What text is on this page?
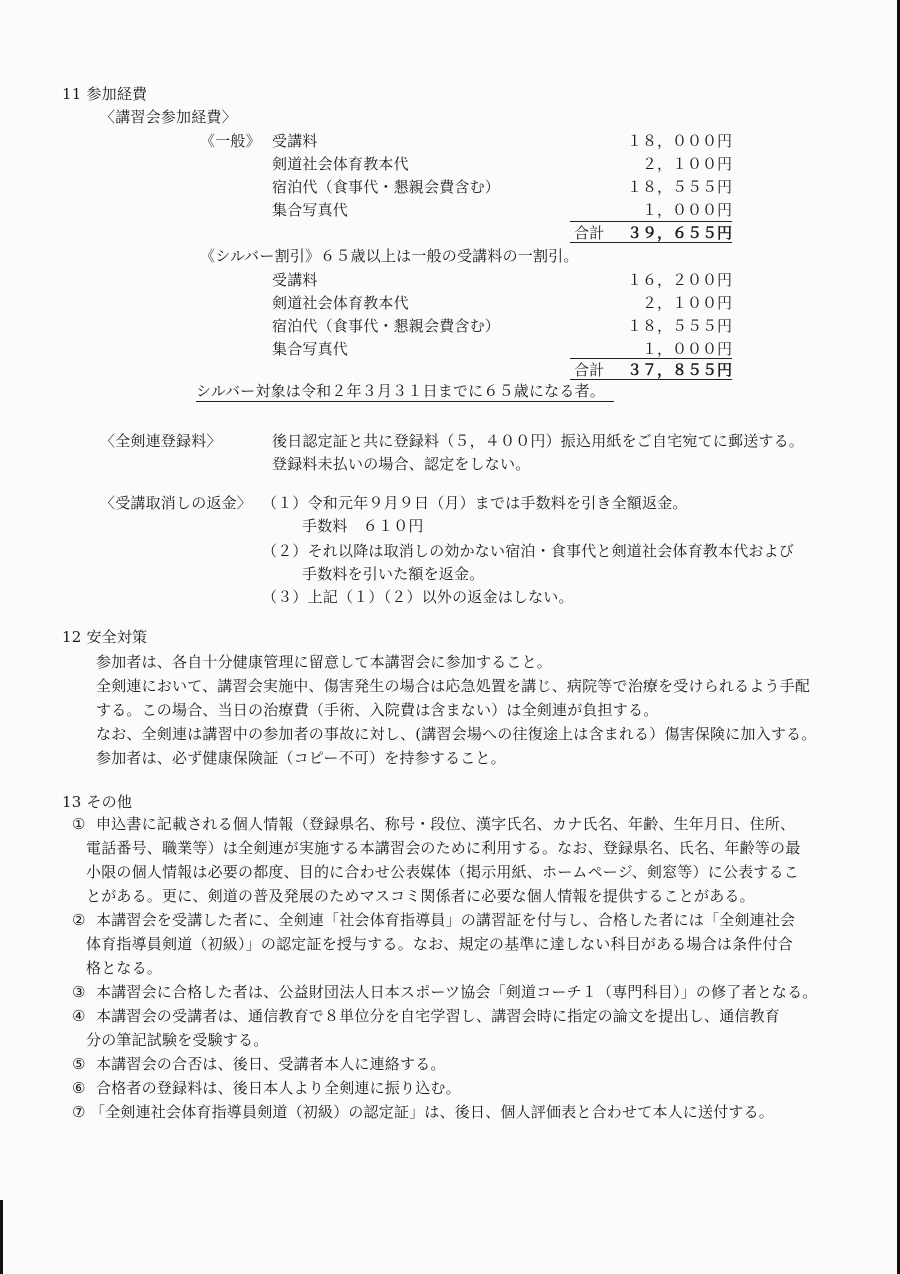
11 参加経費
〈講習会参加経費〉
《一般》 受講料	１８，０００円
剣道社会体育教本代	２，１００円
宿泊代（食事代・懇親会費含む）	１８，５５５円
集合写真代	１，０００円
合計	３９，６５５円
《シルバー割引》６５歳以上は一般の受講料の一割引。
受講料	１６，２００円
剣道社会体育教本代	２，１００円
宿泊代（食事代・懇親会費含む）	１８，５５５円
集合写真代	１，０００円
合計	３７，８５５円
シルバー対象は令和２年３月３１日までに６５歳になる者。
〈全剣連登録料〉	後日認定証と共に登録料（５，４００円）振込用紙をご自宅宛てに郵送する。
登録料未払いの場合、認定をしない。
〈受講取消しの返金〉 （１）令和元年９月９日（月）までは手数料を引き全額返金。
手数料　６１０円
（２）それ以降は取消しの効かない宿泊・食事代と剣道社会体育教本代および
手数料を引いた額を返金。
（３）上記（１）（２）以外の返金はしない。
12 安全対策
参加者は、各自十分健康管理に留意して本講習会に参加すること。
全剣連において、講習会実施中、傷害発生の場合は応急処置を講じ、病院等で治療を受けられるよう手配
する。この場合、当日の治療費（手術、入院費は含まない）は全剣連が負担する。
なお、全剣連は講習中の参加者の事故に対し、(講習会場への往復途上は含まれる）傷害保険に加入する。
参加者は、必ず健康保険証（コピー不可）を持参すること。
13 その他
① 申込書に記載される個人情報（登録県名、称号・段位、漢字氏名、カナ氏名、年齢、生年月日、住所、
電話番号、職業等）は全剣連が実施する本講習会のために利用する。なお、登録県名、氏名、年齢等の最
小限の個人情報は必要の都度、目的に合わせ公表媒体（掲示用紙、ホームページ、剣窓等）に公表するこ
とがある。更に、剣道の普及発展のためマスコミ関係者に必要な個人情報を提供することがある。
② 本講習会を受講した者に、全剣連「社会体育指導員」の講習証を付与し、合格した者には「全剣連社会
体育指導員剣道（初級）」の認定証を授与する。なお、規定の基準に達しない科目がある場合は条件付合
格となる。
③ 本講習会に合格した者は、公益財団法人日本スポーツ協会「剣道コーチ１（専門科目）」の修了者となる。
④ 本講習会の受講者は、通信教育で８単位分を自宅学習し、講習会時に指定の論文を提出し、通信教育
分の筆記試験を受験する。
⑤ 本講習会の合否は、後日、受講者本人に連絡する。
⑥ 合格者の登録料は、後日本人より全剣連に振り込む。
⑦ 「全剣連社会体育指導員剣道（初級）の認定証」は、後日、個人評価表と合わせて本人に送付する。
